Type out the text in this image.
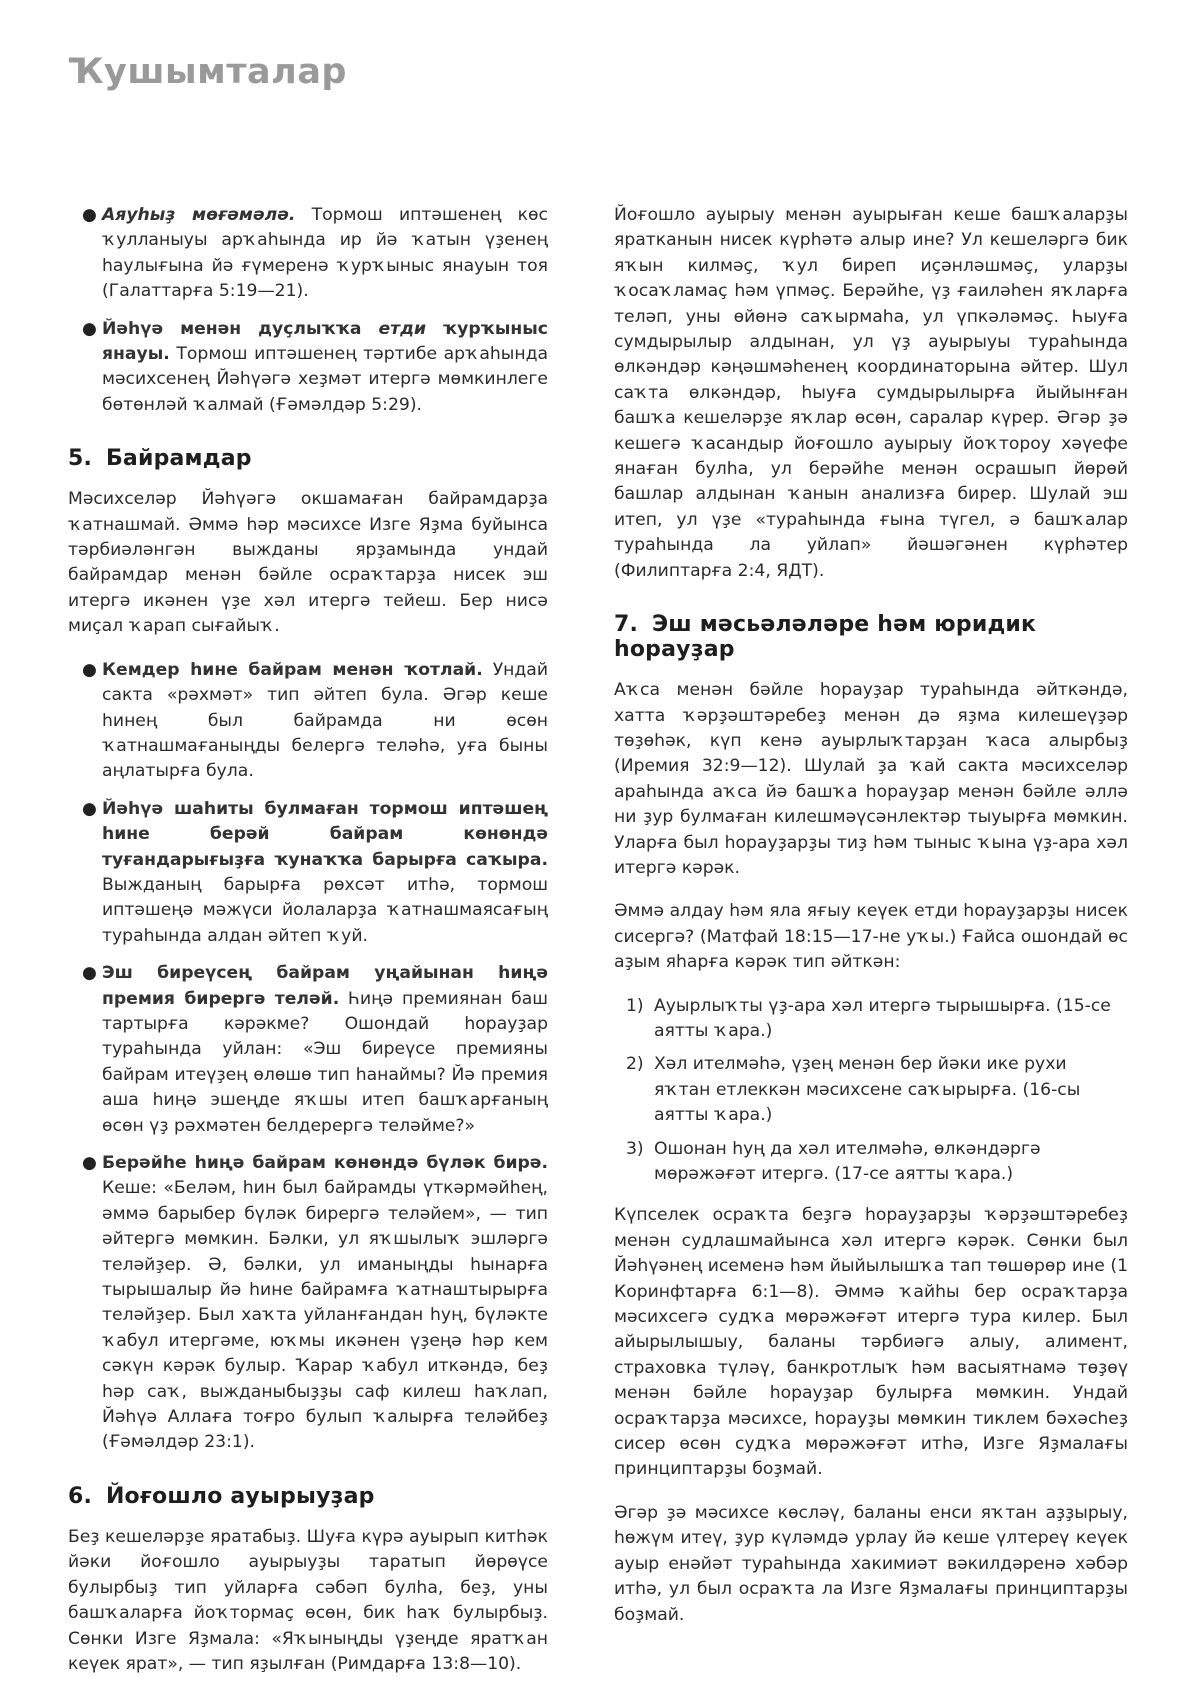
Ҡушымталар
● Аяуһыҙ мөғәмәлә. Тормош иптәшенең көс ҡулланыуы арҡаһында ир йә ҡатын үҙенең һаулығына йә ғүмеренә ҡурҡыныс янауын тоя (Галаттарға 5:19—21).
● Йәһүә менән дуҫлыҡҡа етди ҡурҡыныс янауы. Тормош иптәшенең тәртибе арҡаһында мәсихсенең Йәһүәгә хеҙмәт итергә мөмкинлеге бөтөнләй ҡалмай (Ғәмәлдәр 5:29).
5. Байрамдар

Мәсихселәр Йәһүәгә окшамаған байрамдарҙа ҡатнашмай. Әммә һәр мәсихсе Изге Яҙма буйынса тәрбиәләнгән выжданы ярҙамында ундай байрамдар менән бәйле осраҡтарҙа нисек эш итергә икәнен үҙе хәл итергә тейеш. Бер нисә миҫал ҡарап сығайыҡ.

● Кемдер һине байрам менән ҡотлай. Ундай сакта «рәхмәт» тип әйтеп була. Әгәр кеше һинең был байрамда ни өсөн ҡатнашмағаныңды белергә теләһә, уға быны аңлатырға була.
● Йәһүә шаһиты булмаған тормош иптәшең һине берәй байрам көнөндә туғандарығыҙға ҡунаҡҡа барырға саҡыра. Выжданың барырға рөхсәт итһә, тормош иптәшеңә мәжүси йолаларҙа ҡатнашмаясағың тураһында алдан әйтеп ҡуй.
● Эш биреүсең байрам уңайынан һиңә премия бирергә теләй. Һиңә премиянан баш тартырға кәрәкме? Ошондай һорауҙар тураһында уйлан: «Эш биреүсе премияны байрам итеүҙең өлөшө тип һанаймы? Йә премия аша һиңә эшеңде яҡшы итеп башҡарғаның өсөн үҙ рәхмәтен белдерергә теләйме?»
● Берәйһе һиңә байрам көнөндә бүләк бирә. Кеше: «Беләм, һин был байрамды үткәрмәйһең, әммә барыбер бүләк бирергә теләйем», — тип әйтергә мөмкин. Бәлки, ул яҡшылыҡ эшләргә теләйҙер. Ә, бәлки, ул иманыңды һынарға тырышалыр йә һине байрамға ҡатнаштырырға теләйҙер. Был хаҡта уйланғандан һуң, бүләкте ҡабул итергәме, юҡмы икәнен үҙеңә һәр кем сәкүн кәрәк булыр. Ҡарар ҡабул иткәндә, беҙ һәр саҡ, выжданыбыҙҙы саф килеш һаҡлап, Йәһүә Аллаға тоғро булып ҡалырға теләйбеҙ (Ғәмәлдәр 23:1).
6. Йоғошло ауырыуҙар

Беҙ кешеләрҙе яратабыҙ. Шуға күрә ауырып китһәк йәки йоғошло ауырыуҙы таратып йөрөүсе булырбыҙ тип уйларға сәбәп булһа, беҙ, уны башҡаларға йоҡтормаҫ өсөн, бик һаҡ булырбыҙ. Сөнки Изге Яҙмала: «Яҡыныңды үҙеңде яратҡан кеүек ярат», — тип яҙылған (Римдарға 13:8—10).

Йоғошло ауырыу менән ауырыған кеше башҡаларҙы яратканын нисек күрһәтә алыр ине? Ул кешеләргә бик яҡын килмәҫ, ҡул биреп иҫәнләшмәҫ, уларҙы ҡосаҡламаҫ һәм үпмәҫ. Берәйһе, үҙ ғаиләһен яҡларға теләп, уны өйөнә саҡырмаһа, ул үпкәләмәҫ. Һыуға сумдырылыр алдынан, ул үҙ ауырыуы тураһында өлкәндәр кәңәшмәһенең координаторына әйтер. Шул саҡта өлкәндәр, һыуға сумдырылырға йыйынған башҡа кешеләрҙе яҡлар өсөн, саралар күрер. Әгәр ҙә кешегә ҡасандыр йоғошло ауырыу йоҡтороу хәүефе янаған булһа, ул берәйһе менән осрашып йөрөй башлар алдынан ҡанын анализға бирер. Шулай эш итеп, ул үҙе «тураһында ғына түгел, ә башҡалар тураһында ла уйлап» йәшәгәнен күрһәтер (Филиптарға 2:4, ЯДТ).

7. Эш мәсьәләләре һәм юридик һорауҙар

Аҡса менән бәйле һорауҙар тураһында әйткәндә, хатта ҡәрҙәштәребеҙ менән дә яҙма килешеүҙәр төҙөһәк, күп кенә ауырлыҡтарҙан ҡаса алырбыҙ (Иремия 32:9—12). Шулай ҙа ҡай сакта мәсихселәр араһында аҡса йә башҡа һорауҙар менән бәйле әллә ни ҙур булмаған килешмәүсәнлектәр тыуырға мөмкин. Уларға был һорауҙарҙы тиҙ һәм тыныс ҡына үҙ-ара хәл итергә кәрәк.

Әммә алдау һәм яла яғыу кеүек етди һорауҙарҙы нисек сисергә? (Матфай 18:15—17-не уҡы.) Ғайса ошондай өс аҙым яһарға кәрәк тип әйткән:

1) Ауырлыҡты үҙ-ара хәл итергә тырышырға. (15-се аятты ҡара.)
2) Хәл ителмәһә, үҙең менән бер йәки ике рухи яҡтан етлеккән мәсихсене саҡырырға. (16-сы аятты ҡара.)
3) Ошонан һуң да хәл ителмәһә, өлкәндәргә мөрәжәғәт итергә. (17-се аятты ҡара.)

Күпселек осраҡта беҙгә һорауҙарҙы ҡәрҙәштәребеҙ менән судлашмайынса хәл итергә кәрәк. Сөнки был Йәһүәнең исеменә һәм йыйылышҡа тап төшөрөр ине (1 Коринфтарға 6:1—8). Әммә ҡайһы бер осраҡтарҙа мәсихсегә судҡа мөрәжәғәт итергә тура килер. Был айырылышыу, баланы тәрбиәгә алыу, алимент, страховка түләү, банкротлыҡ һәм васыятнамә төҙөү менән бәйле һорауҙар булырға мөмкин. Ундай осраҡтарҙа мәсихсе, һорауҙы мөмкин тиклем бәхәсһеҙ сисер өсөн судҡа мөрәжәғәт итһә, Изге Яҙмалағы принциптарҙы боҙмай.

Әгәр ҙә мәсихсе көсләү, баланы енси яҡтан аҙҙырыу, һөжүм итеү, ҙур күләмдә урлау йә кеше үлтереү кеүек ауыр енәйәт тураһында хакимиәт вәкилдәренә хәбәр итһә, ул был осраҡта ла Изге Яҙмалағы принциптарҙы боҙмай.
